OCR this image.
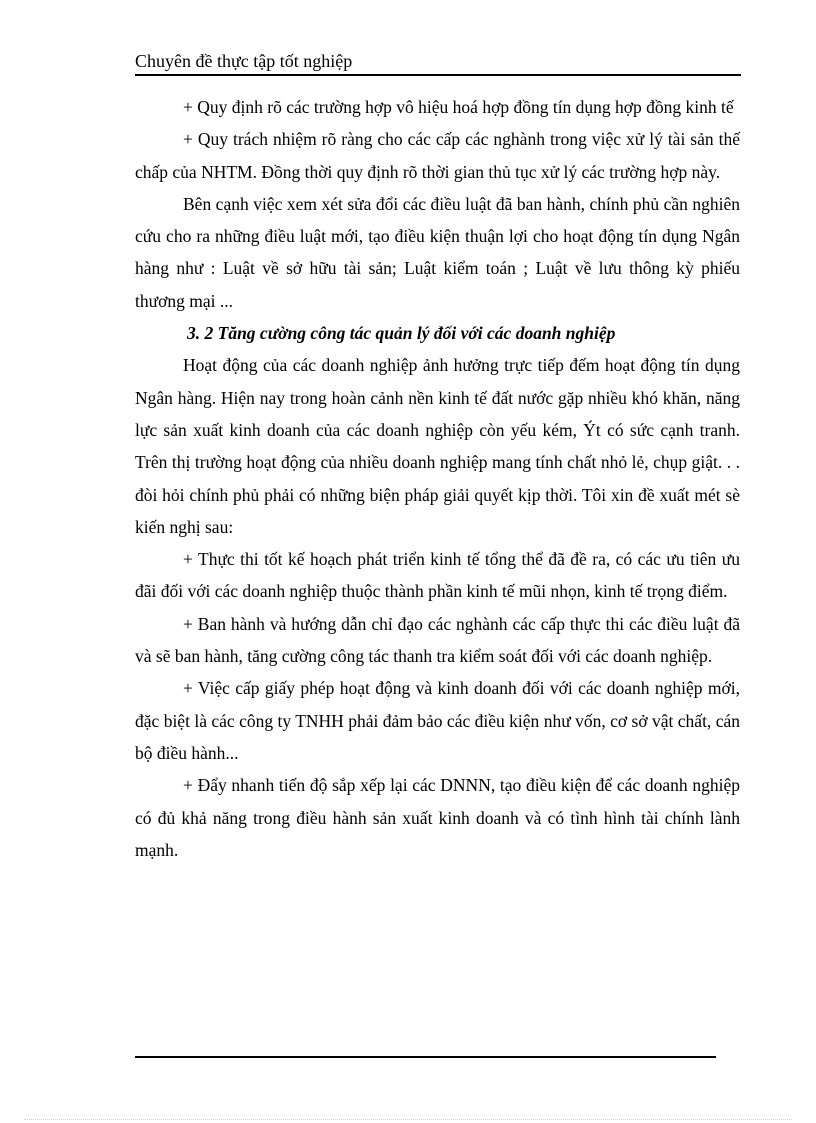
Chuyên đề thực tập tốt nghiệp

+ Quy định rõ các trường hợp vô hiệu hoá hợp đồng tín dụng hợp đồng kinh tế

+ Quy trách nhiệm rõ ràng cho các cấp các nghành trong việc xử lý tài sản thế chấp của NHTM. Đồng thời quy định rõ thời gian thủ tục xử lý các trường hợp này.

Bên cạnh việc xem xét sửa đổi các điều luật đã ban hành, chính phủ cần nghiên cứu cho ra những điều luật mới, tạo điều kiện thuận lợi cho hoạt động tín dụng Ngân hàng như : Luật về sở hữu tài sản; Luật kiểm toán ; Luật về lưu thông kỳ phiếu thương mại ...

3. 2 Tăng cường công tác quản lý đối với các doanh nghiệp

Hoạt động của các doanh nghiệp ảnh hưởng trực tiếp đếm hoạt động tín dụng Ngân hàng. Hiện nay trong hoàn cảnh nền kinh tế đất nước gặp nhiều khó khăn, năng lực sản xuất kinh doanh của các doanh nghiệp còn yếu kém, Ýt có sức cạnh tranh. Trên thị trường hoạt động của nhiều doanh nghiệp mang tính chất nhỏ lẻ, chụp giật. . . đòi hỏi chính phủ phải có những biện pháp giải quyết kịp thời. Tôi xin đề xuất mét sè kiến nghị sau:

+ Thực thi tốt kế hoạch phát triển kinh tế tổng thể đã đề ra, có các ưu tiên ưu đãi đối với các doanh nghiệp thuộc thành phần kinh tế mũi nhọn, kinh tế trọng điểm.

+ Ban hành và hướng dẫn chỉ đạo các nghành các cấp thực thi các điều luật đã và sẽ ban hành, tăng cường công tác thanh tra kiểm soát đối với các doanh nghiệp.

+ Việc cấp giấy phép hoạt động và kinh doanh đối với các doanh nghiệp mới, đặc biệt là các công ty TNHH phải đảm bảo các điều kiện như vốn, cơ sở vật chất, cán bộ điều hành...

+ Đẩy nhanh tiến độ sắp xếp lại các DNNN, tạo điều kiện để các doanh nghiệp có đủ khả năng trong điều hành sản xuất kinh doanh và có tình hình tài chính lành mạnh.
